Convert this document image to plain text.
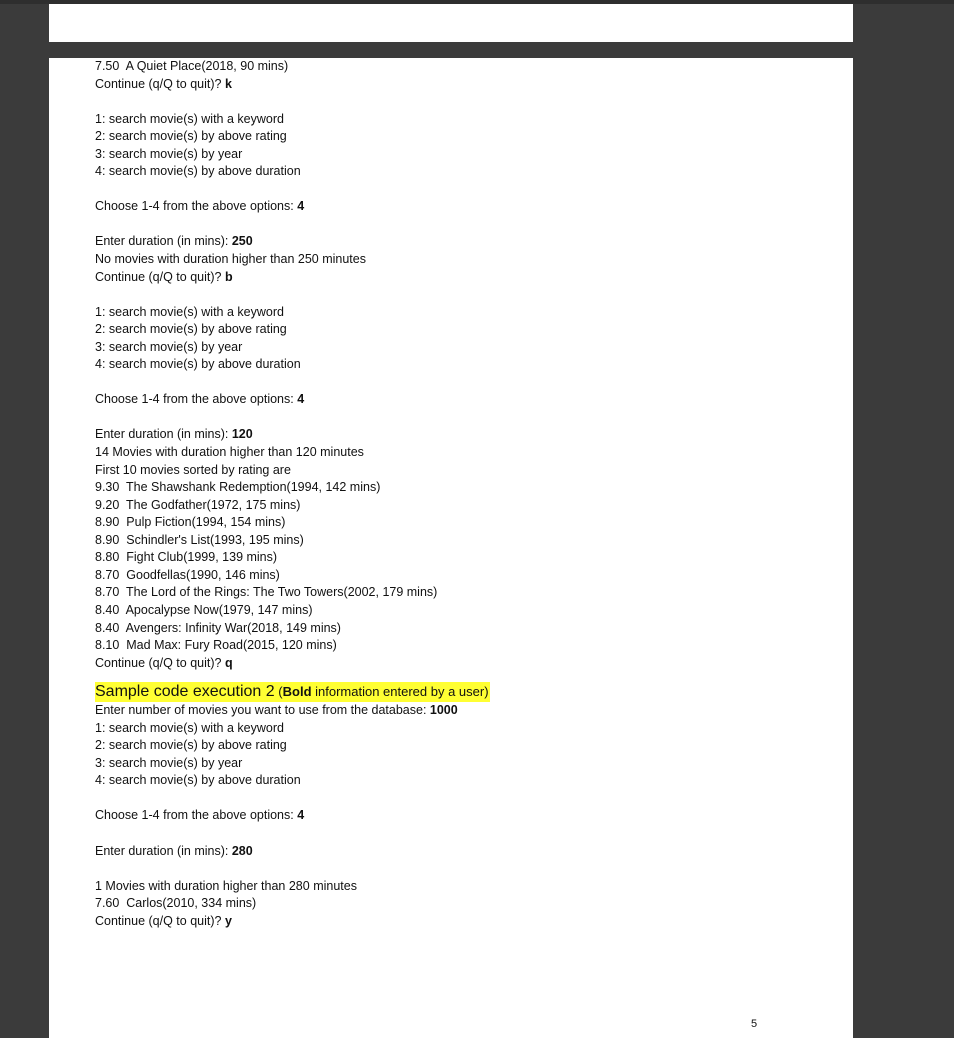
7.50  A Quiet Place(2018, 90 mins)
Continue (q/Q to quit)? k
1: search movie(s) with a keyword
2: search movie(s) by above rating
3: search movie(s) by year
4: search movie(s) by above duration
Choose 1-4 from the above options: 4
Enter duration (in mins): 250
No movies with duration higher than 250 minutes
Continue (q/Q to quit)? b
1: search movie(s) with a keyword
2: search movie(s) by above rating
3: search movie(s) by year
4: search movie(s) by above duration
Choose 1-4 from the above options: 4
Enter duration (in mins): 120
14 Movies with duration higher than 120 minutes
First 10 movies sorted by rating are
9.30  The Shawshank Redemption(1994, 142 mins)
9.20  The Godfather(1972, 175 mins)
8.90  Pulp Fiction(1994, 154 mins)
8.90  Schindler's List(1993, 195 mins)
8.80  Fight Club(1999, 139 mins)
8.70  Goodfellas(1990, 146 mins)
8.70  The Lord of the Rings: The Two Towers(2002, 179 mins)
8.40  Apocalypse Now(1979, 147 mins)
8.40  Avengers: Infinity War(2018, 149 mins)
8.10  Mad Max: Fury Road(2015, 120 mins)
Continue (q/Q to quit)? q
Sample code execution 2 (Bold information entered by a user)
Enter number of movies you want to use from the database: 1000
1: search movie(s) with a keyword
2: search movie(s) by above rating
3: search movie(s) by year
4: search movie(s) by above duration
Choose 1-4 from the above options: 4
Enter duration (in mins): 280
1 Movies with duration higher than 280 minutes
7.60  Carlos(2010, 334 mins)
Continue (q/Q to quit)? y
5
